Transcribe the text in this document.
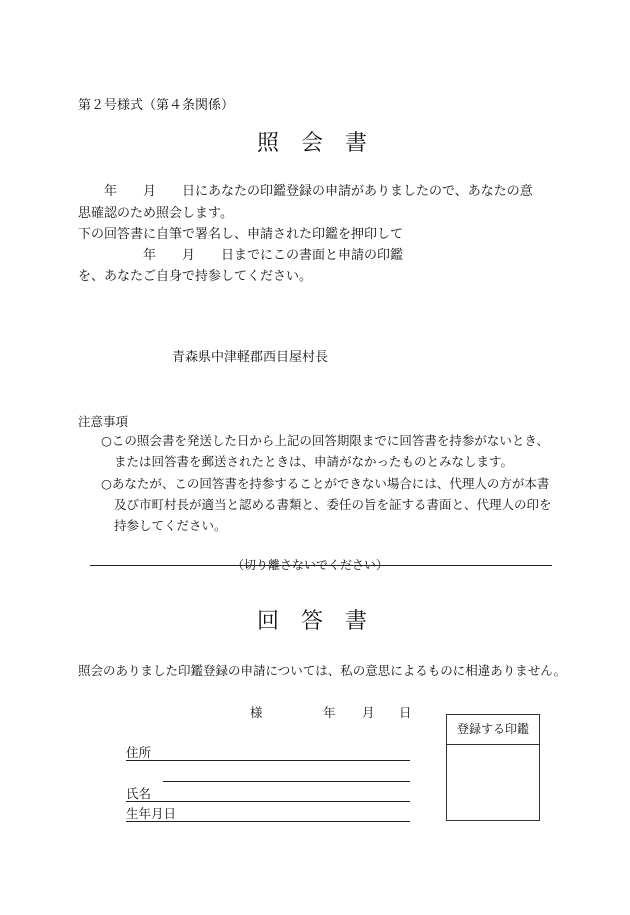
第２号様式（第４条関係）
照 会 書
　　年　　月　　日にあなたの印鑑登録の申請がありましたので、あなたの意
思確認のため照会します。
下の回答書に自筆で署名し、申請された印鑑を押印して
　　　　　年　　月　　日までにこの書面と申請の印鑑
を、あなたご自身で持参してください。
青森県中津軽郡西目屋村長
注意事項
○この照会書を発送した日から上記の回答期限までに回答書を持参がないとき、
または回答書を郵送されたときは、申請がなかったものとみなします。
○あなたが、この回答書を持参することができない場合には、代理人の方が本書
及び市町村長が適当と認める書類と、委任の旨を証する書面と、代理人の印を
持参してください。
（切り離さないでください）
回 答 書
照会のありました印鑑登録の申請については、私の意思によるものに相違ありません。
様	年 月 日
住所
氏名
生年月日
登録する印鑑
